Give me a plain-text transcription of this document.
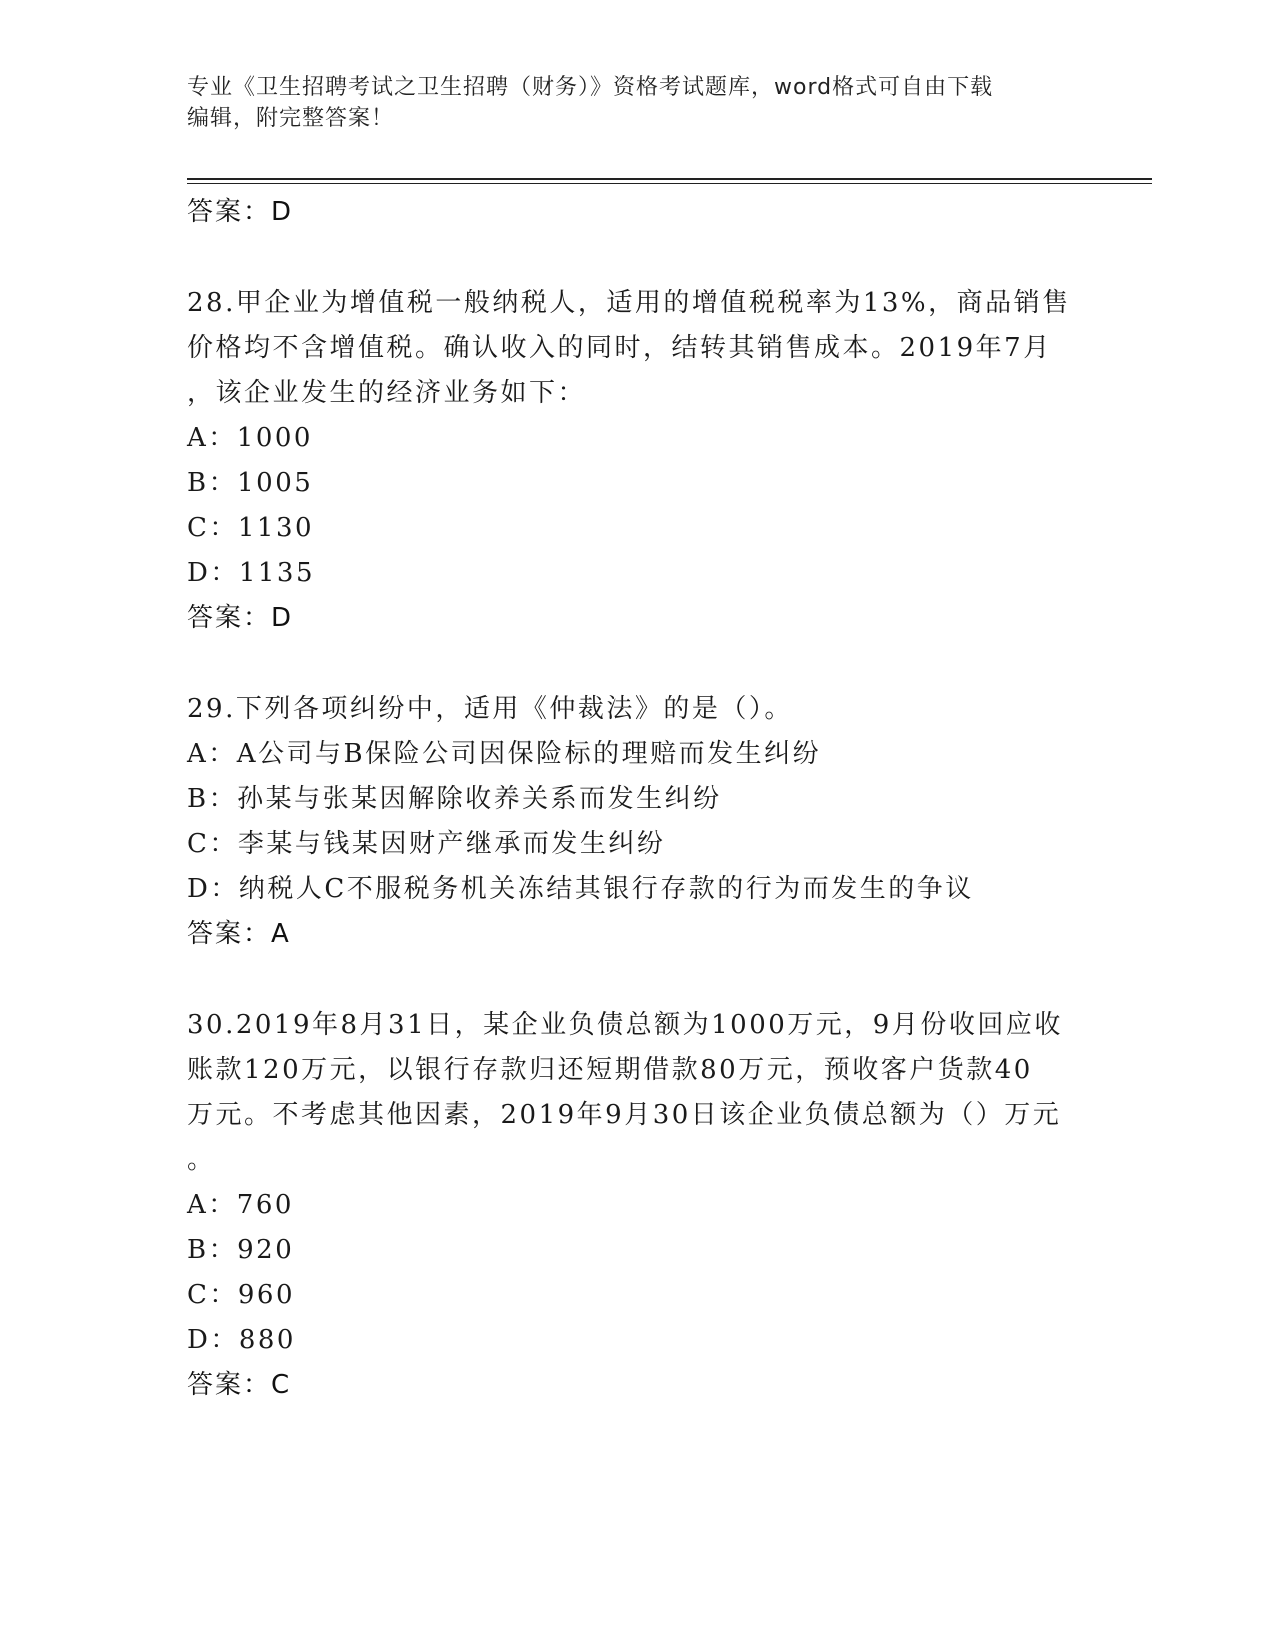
专业《卫生招聘考试之卫生招聘（财务）》资格考试题库，word格式可自由下载
编辑，附完整答案！

答案：D

28.甲企业为增值税一般纳税人，适用的增值税税率为13%，商品销售

价格均不含增值税。确认收入的同时，结转其销售成本。2019年7月

，该企业发生的经济业务如下：

A：1000

B：1005

C：1130

D：1135

答案：D

29.下列各项纠纷中，适用《仲裁法》的是（）。

A：A公司与B保险公司因保险标的理赔而发生纠纷

B：孙某与张某因解除收养关系而发生纠纷

C：李某与钱某因财产继承而发生纠纷

D：纳税人C不服税务机关冻结其银行存款的行为而发生的争议

答案：A

30.2019年8月31日，某企业负债总额为1000万元，9月份收回应收

账款120万元，以银行存款归还短期借款80万元，预收客户货款40

万元。不考虑其他因素，2019年9月30日该企业负债总额为（）万元

。

A：760

B：920

C：960

D：880

答案：C
